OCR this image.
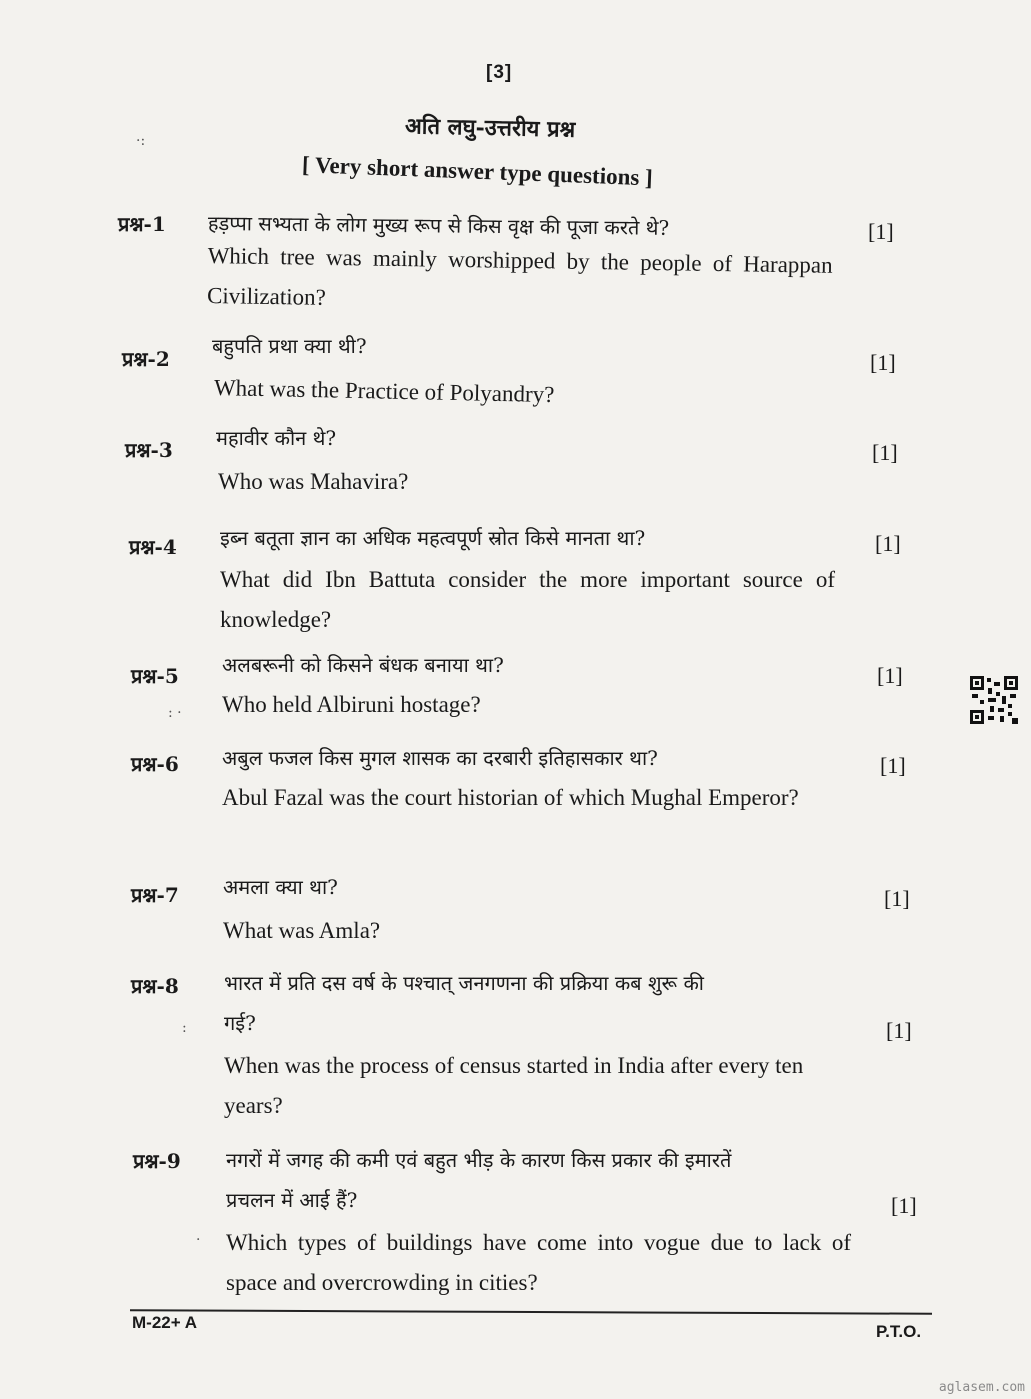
[3]
अति लघु-उत्तरीय प्रश्न
[ Very short answer type questions ]
·:
प्रश्न-1 हड़प्पा सभ्यता के लोग मुख्य रूप से किस वृक्ष की पूजा करते थे?
Which tree was mainly worshipped by the people of Harappan Civilization?
[1]
प्रश्न-2
बहुपति प्रथा क्या थी?
What was the Practice of Polyandry?
[1]
प्रश्न-3 महावीर कौन थे?
Who was Mahavira?
[1]
प्रश्न-4 इब्न बतूता ज्ञान का अधिक महत्वपूर्ण स्रोत किसे मानता था?
What did Ibn Battuta consider the more important source of knowledge?
[1]
प्रश्न-5 अलबरूनी को किसने बंधक बनाया था?
Who held Albiruni hostage?
[1]
: ·
प्रश्न-6 अबुल फजल किस मुगल शासक का दरबारी इतिहासकार था?
Abul Fazal was the court historian of which Mughal Emperor?
[1]
प्रश्न-7 अमला क्या था?
What was Amla?
[1]
प्रश्न-8 भारत में प्रति दस वर्ष के पश्चात् जनगणना की प्रक्रिया कब शुरू की
गई?
When was the process of census started in India after every ten years?
[1]
:
प्रश्न-9 नगरों में जगह की कमी एवं बहुत भीड़ के कारण किस प्रकार की इमारतें
प्रचलन में आई हैं?
Which types of buildings have come into vogue due to lack of space and overcrowding in cities?
[1]
·
M-22+ A	P.T.O.
aglasem.com
